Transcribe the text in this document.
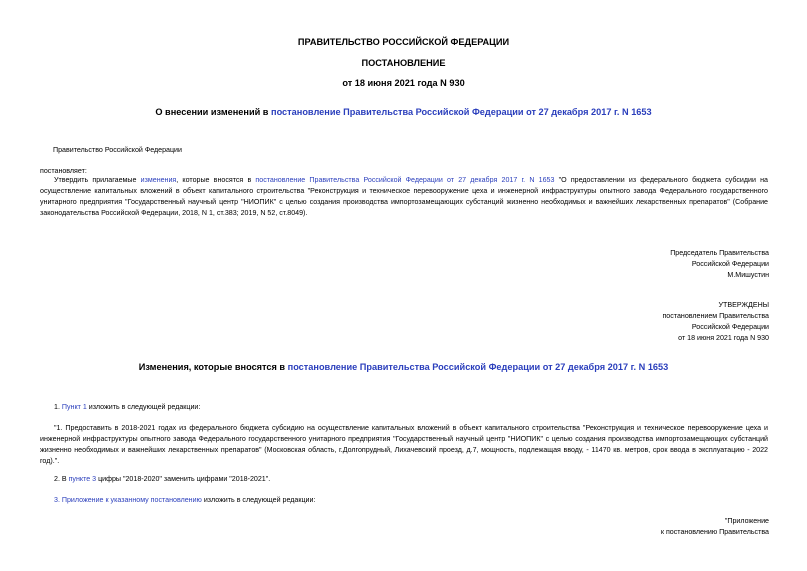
ПРАВИТЕЛЬСТВО РОССИЙСКОЙ ФЕДЕРАЦИИ
ПОСТАНОВЛЕНИЕ
от 18 июня 2021 года N 930
О внесении изменений в постановление Правительства Российской Федерации от 27 декабря 2017 г. N 1653
Правительство Российской Федерации
постановляет:
Утвердить прилагаемые изменения, которые вносятся в постановление Правительства Российской Федерации от 27 декабря 2017 г. N 1653 "О предоставлении из федерального бюджета субсидии на осуществление капитальных вложений в объект капитального строительства "Реконструкция и техническое перевооружение цеха и инженерной инфраструктуры опытного завода Федерального государственного унитарного предприятия "Государственный научный центр "НИОПИК" с целью создания производства импортозамещающих субстанций жизненно необходимых и важнейших лекарственных препаратов" (Собрание законодательства Российской Федерации, 2018, N 1, ст.383; 2019, N 52, ст.8049).
Председатель Правительства
Российской Федерации
М.Мишустин
УТВЕРЖДЕНЫ
постановлением Правительства
Российской Федерации
от 18 июня 2021 года N 930
Изменения, которые вносятся в постановление Правительства Российской Федерации от 27 декабря 2017 г. N 1653
1. Пункт 1 изложить в следующей редакции:
"1. Предоставить в 2018-2021 годах из федерального бюджета субсидию на осуществление капитальных вложений в объект капитального строительства "Реконструкция и техническое перевооружение цеха и инженерной инфраструктуры опытного завода Федерального государственного унитарного предприятия "Государственный научный центр "НИОПИК" с целью создания производства импортозамещающих субстанций жизненно необходимых и важнейших лекарственных препаратов" (Московская область, г.Долгопрудный, Лихачевский проезд, д.7, мощность, подлежащая вводу, - 11470 кв. метров, срок ввода в эксплуатацию - 2022 год).".
2. В пункте 3 цифры "2018-2020" заменить цифрами "2018-2021".
3. Приложение к указанному постановлению изложить в следующей редакции:
"Приложение
к постановлению Правительства
